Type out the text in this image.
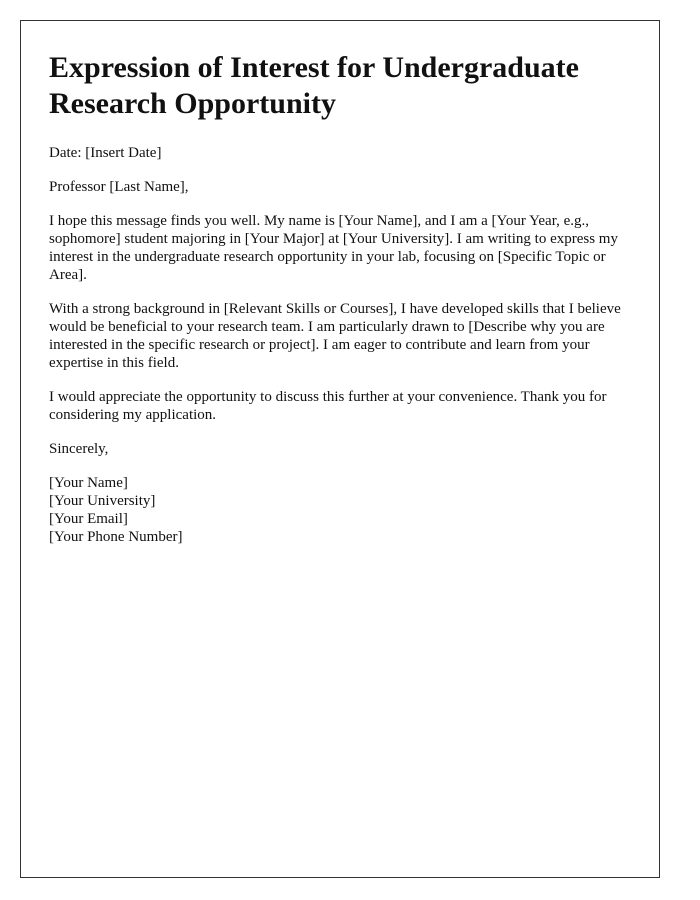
Expression of Interest for Undergraduate Research Opportunity

Date: [Insert Date]

Professor [Last Name],

I hope this message finds you well. My name is [Your Name], and I am a [Your Year, e.g., sophomore] student majoring in [Your Major] at [Your University]. I am writing to express my interest in the undergraduate research opportunity in your lab, focusing on [Specific Topic or Area].

With a strong background in [Relevant Skills or Courses], I have developed skills that I believe would be beneficial to your research team. I am particularly drawn to [Describe why you are interested in the specific research or project]. I am eager to contribute and learn from your expertise in this field.

I would appreciate the opportunity to discuss this further at your convenience. Thank you for considering my application.

Sincerely,

[Your Name]
[Your University]
[Your Email]
[Your Phone Number]
